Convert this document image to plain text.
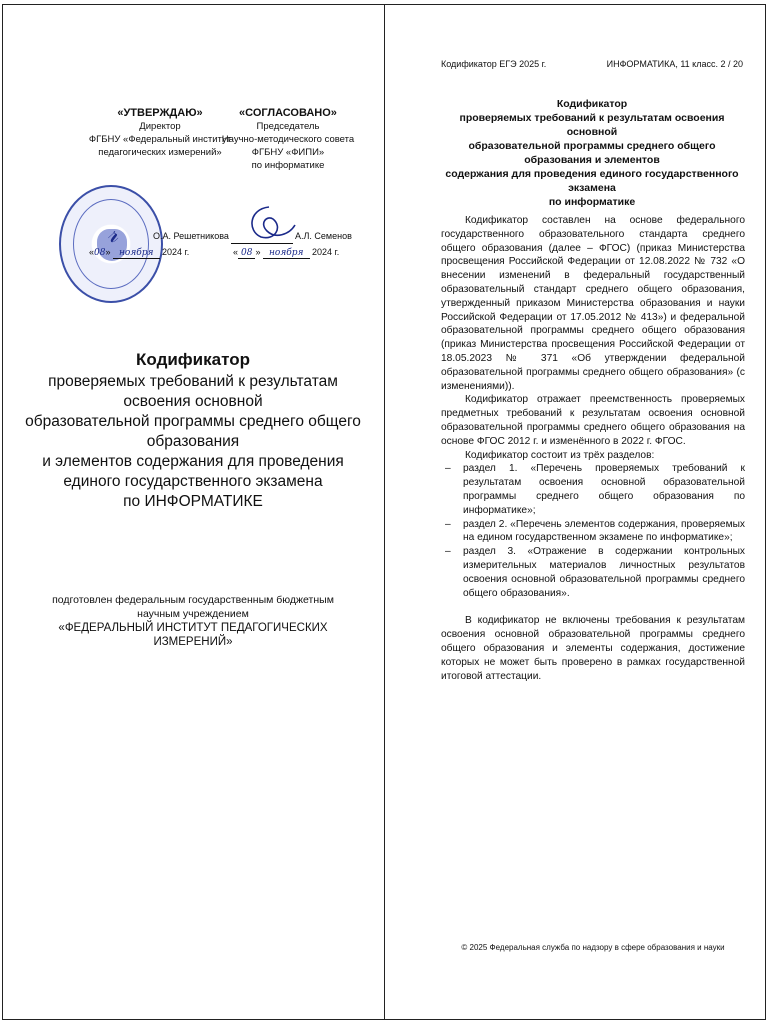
«УТВЕРЖДАЮ»
Директор
ФГБНУ «Федеральный институт
педагогических измерений»
«СОГЛАСОВАНО»
Председатель
Научно-методического совета
ФГБНУ «ФИПИ»
по информатике
𝓇	О.А. Решетникова
«08» ноября 2024 г.
А.Л. Семенов
« 08 » ноября 2024 г.
Кодификатор
проверяемых требований к результатам освоения основной
образовательной программы среднего общего образования
и элементов содержания для проведения
единого государственного экзамена
по ИНФОРМАТИКЕ
подготовлен федеральным государственным бюджетным
научным учреждением
«ФЕДЕРАЛЬНЫЙ ИНСТИТУТ ПЕДАГОГИЧЕСКИХ ИЗМЕРЕНИЙ»
Кодификатор ЕГЭ 2025 г.	ИНФОРМАТИКА, 11 класс. 2 / 20
Кодификатор
проверяемых требований к результатам освоения основной
образовательной программы среднего общего образования и элементов
содержания для проведения единого государственного экзамена
по информатике

Кодификатор составлен на основе федерального государственного образовательного стандарта среднего общего образования (далее – ФГОС) (приказ Министерства просвещения Российской Федерации от 12.08.2022 № 732 «О внесении изменений в федеральный государственный образовательный стандарт среднего общего образования, утвержденный приказом Министерства образования и науки Российской Федерации от 17.05.2012 № 413») и федеральной образовательной программы среднего общего образования (приказ Министерства просвещения Российской Федерации от 18.05.2023 № 371 «Об утверждении федеральной образовательной программы среднего общего образования» (с изменениями)).

Кодификатор отражает преемственность проверяемых предметных требований к результатам освоения основной образовательной программы среднего общего образования на основе ФГОС 2012 г. и изменённого в 2022 г. ФГОС.

Кодификатор состоит из трёх разделов:

– раздел 1. «Перечень проверяемых требований к результатам освоения основной образовательной программы среднего общего образования по информатике»;
– раздел 2. «Перечень элементов содержания, проверяемых на едином государственном экзамене по информатике»;
– раздел 3. «Отражение в содержании контрольных измерительных материалов личностных результатов освоения основной образовательной программы среднего общего образования».

В кодификатор не включены требования к результатам освоения основной образовательной программы среднего общего образования и элементы содержания, достижение которых не может быть проверено в рамках государственной итоговой аттестации.

© 2025 Федеральная служба по надзору в сфере образования и науки
